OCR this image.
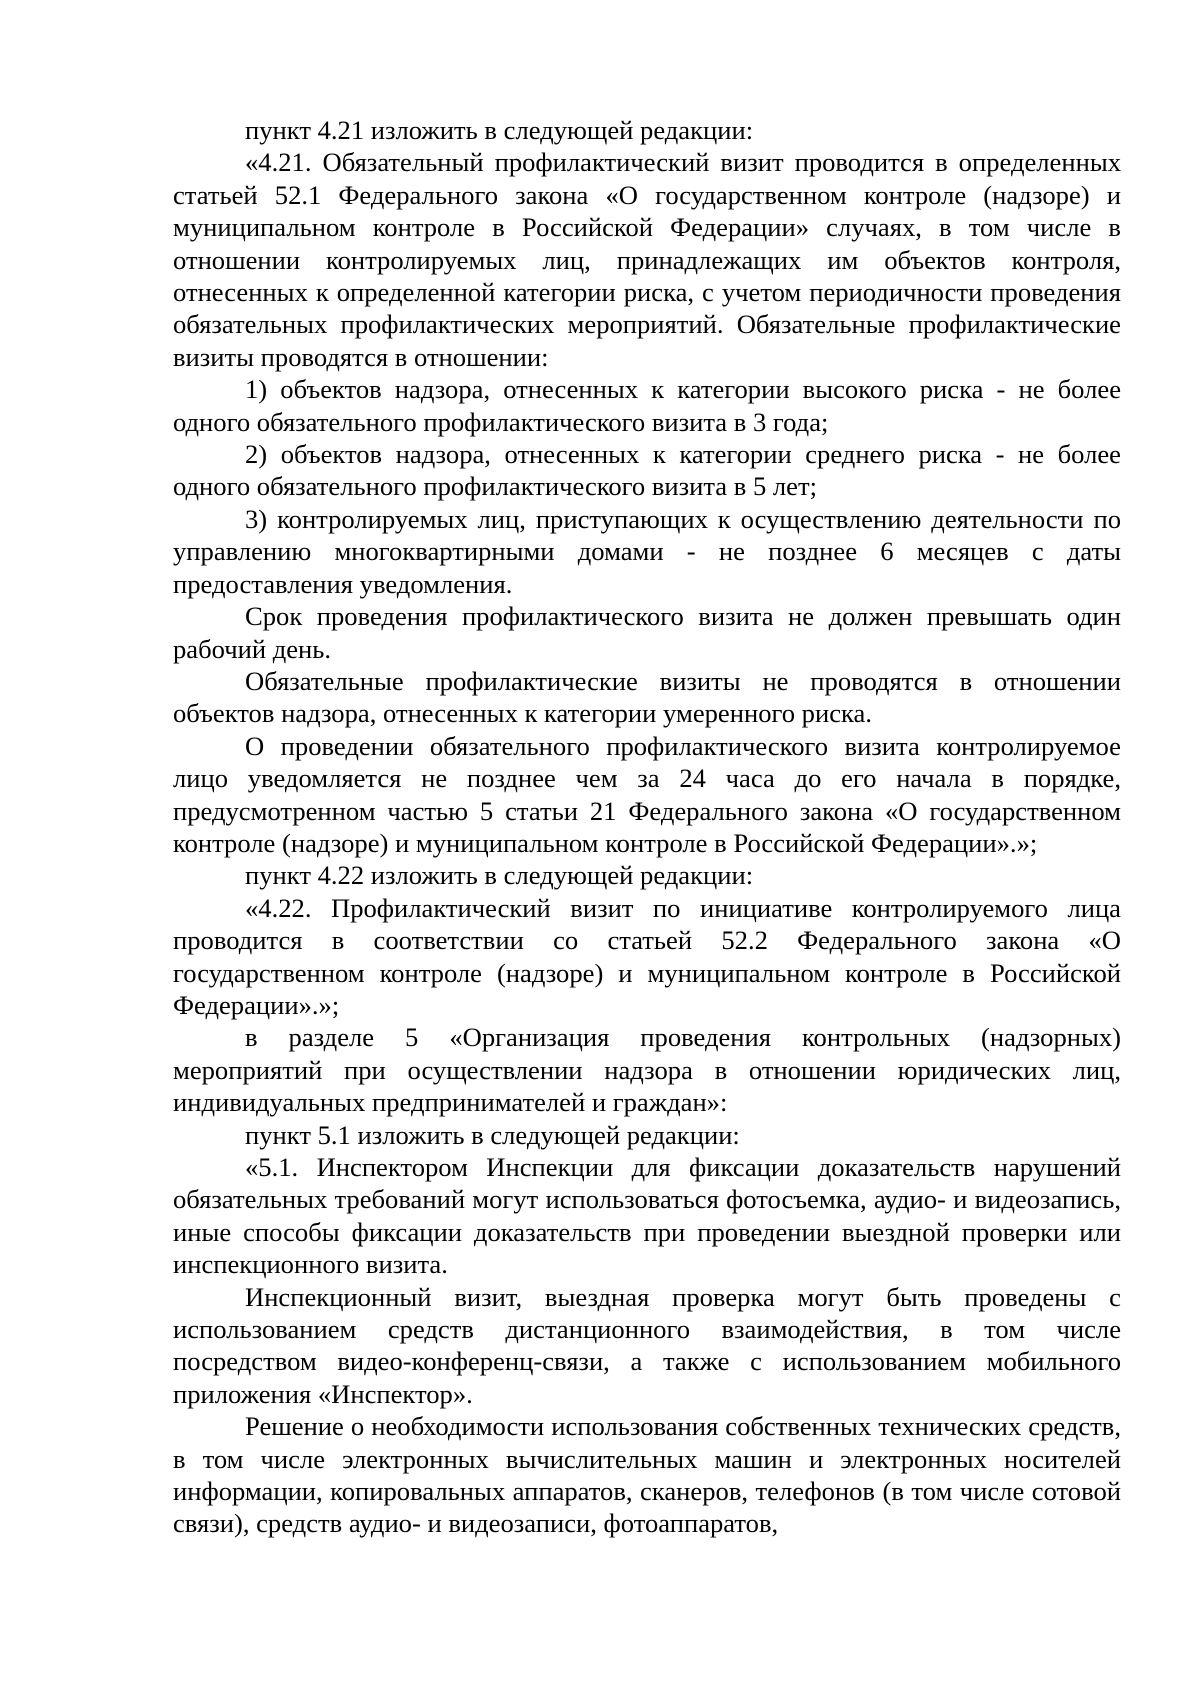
пункт 4.21 изложить в следующей редакции:

«4.21. Обязательный профилактический визит проводится в определенных статьей 52.1 Федерального закона «О государственном контроле (надзоре) и муниципальном контроле в Российской Федерации» случаях, в том числе в отношении контролируемых лиц, принадлежащих им объектов контроля, отнесенных к определенной категории риска, с учетом периодичности проведения обязательных профилактических мероприятий. Обязательные профилактические визиты проводятся в отношении:

1) объектов надзора, отнесенных к категории высокого риска - не более одного обязательного профилактического визита в 3 года;

2) объектов надзора, отнесенных к категории среднего риска - не более одного обязательного профилактического визита в 5 лет;

3) контролируемых лиц, приступающих к осуществлению деятельности по управлению многоквартирными домами - не позднее 6 месяцев с даты предоставления уведомления.

Срок проведения профилактического визита не должен превышать один рабочий день.

Обязательные профилактические визиты не проводятся в отношении объектов надзора, отнесенных к категории умеренного риска.

О проведении обязательного профилактического визита контролируемое лицо уведомляется не позднее чем за 24 часа до его начала в порядке, предусмотренном частью 5 статьи 21 Федерального закона «О государственном контроле (надзоре) и муниципальном контроле в Российской Федерации».»;

пункт 4.22 изложить в следующей редакции:

«4.22. Профилактический визит по инициативе контролируемого лица проводится в соответствии со статьей 52.2 Федерального закона «О государственном контроле (надзоре) и муниципальном контроле в Российской Федерации».»;

в разделе 5 «Организация проведения контрольных (надзорных) мероприятий при осуществлении надзора в отношении юридических лиц, индивидуальных предпринимателей и граждан»:

пункт 5.1 изложить в следующей редакции:

«5.1. Инспектором Инспекции для фиксации доказательств нарушений обязательных требований могут использоваться фотосъемка, аудио- и видеозапись, иные способы фиксации доказательств при проведении выездной проверки или инспекционного визита.

Инспекционный визит, выездная проверка могут быть проведены с использованием средств дистанционного взаимодействия, в том числе посредством видео-конференц-связи, а также с использованием мобильного приложения «Инспектор».

Решение о необходимости использования собственных технических средств, в том числе электронных вычислительных машин и электронных носителей информации, копировальных аппаратов, сканеров, телефонов (в том числе сотовой связи), средств аудио- и видеозаписи, фотоаппаратов,
